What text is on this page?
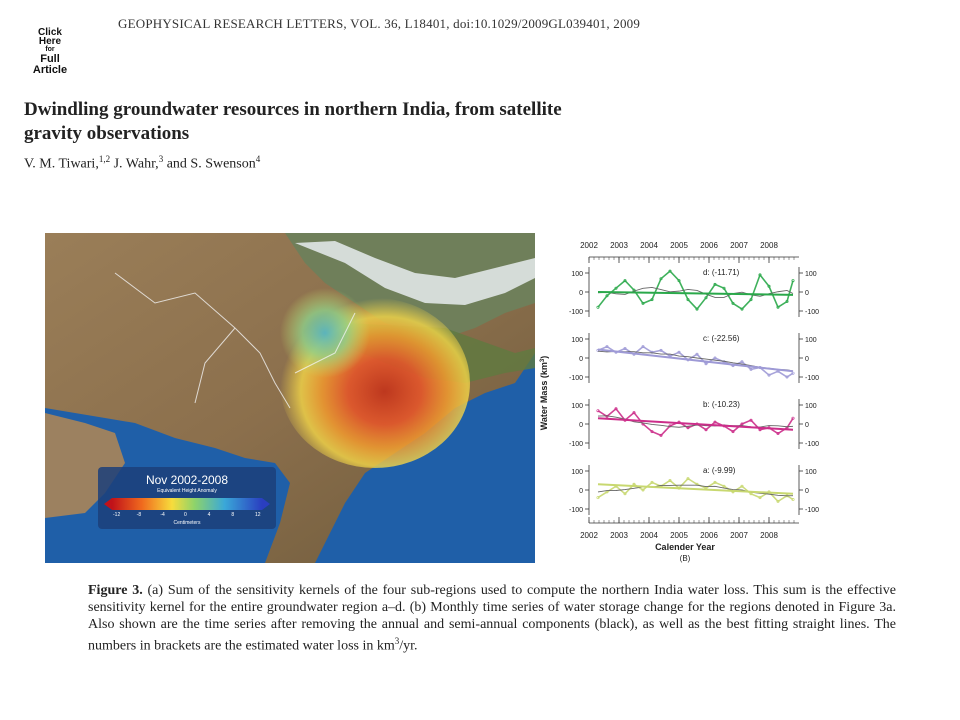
GEOPHYSICAL RESEARCH LETTERS, VOL. 36, L18401, doi:10.1029/2009GL039401, 2009
Click
Here
for
Full
Article
Dwindling groundwater resources in northern India, from satellite gravity observations
V. M. Tiwari,$^{1,2}$ J. Wahr,$^3$ and S. Swenson$^4$
Nov 2002-2008
Equivalent Height Anomaly
-12	-8	-4	0	4	8	12
Centimeters
2002 2003 2004 2005 2006 2007 2008
2002 2003 2004 2005 2006 2007 2008
Calender Year
(B)
Water Mass $(km^3)$
100	100
0	0
-100	-100
d: (-11.71)
100	100
0	0
-100	-100
c: (-22.56)
100	100
0	0
-100	-100
b: (-10.23)
100	100
0	0
-100	-100
a: (-9.99)
Figure 3. (a) Sum of the sensitivity kernels of the four sub-regions used to compute the northern India water loss. This sum is the effective sensitivity kernel for the entire groundwater region a–d. (b) Monthly time series of water storage change for the regions denoted in Figure 3a. Also shown are the time series after removing the annual and semi-annual components (black), as well as the best fitting straight lines. The numbers in brackets are the estimated water loss in $km^3/yr$.
